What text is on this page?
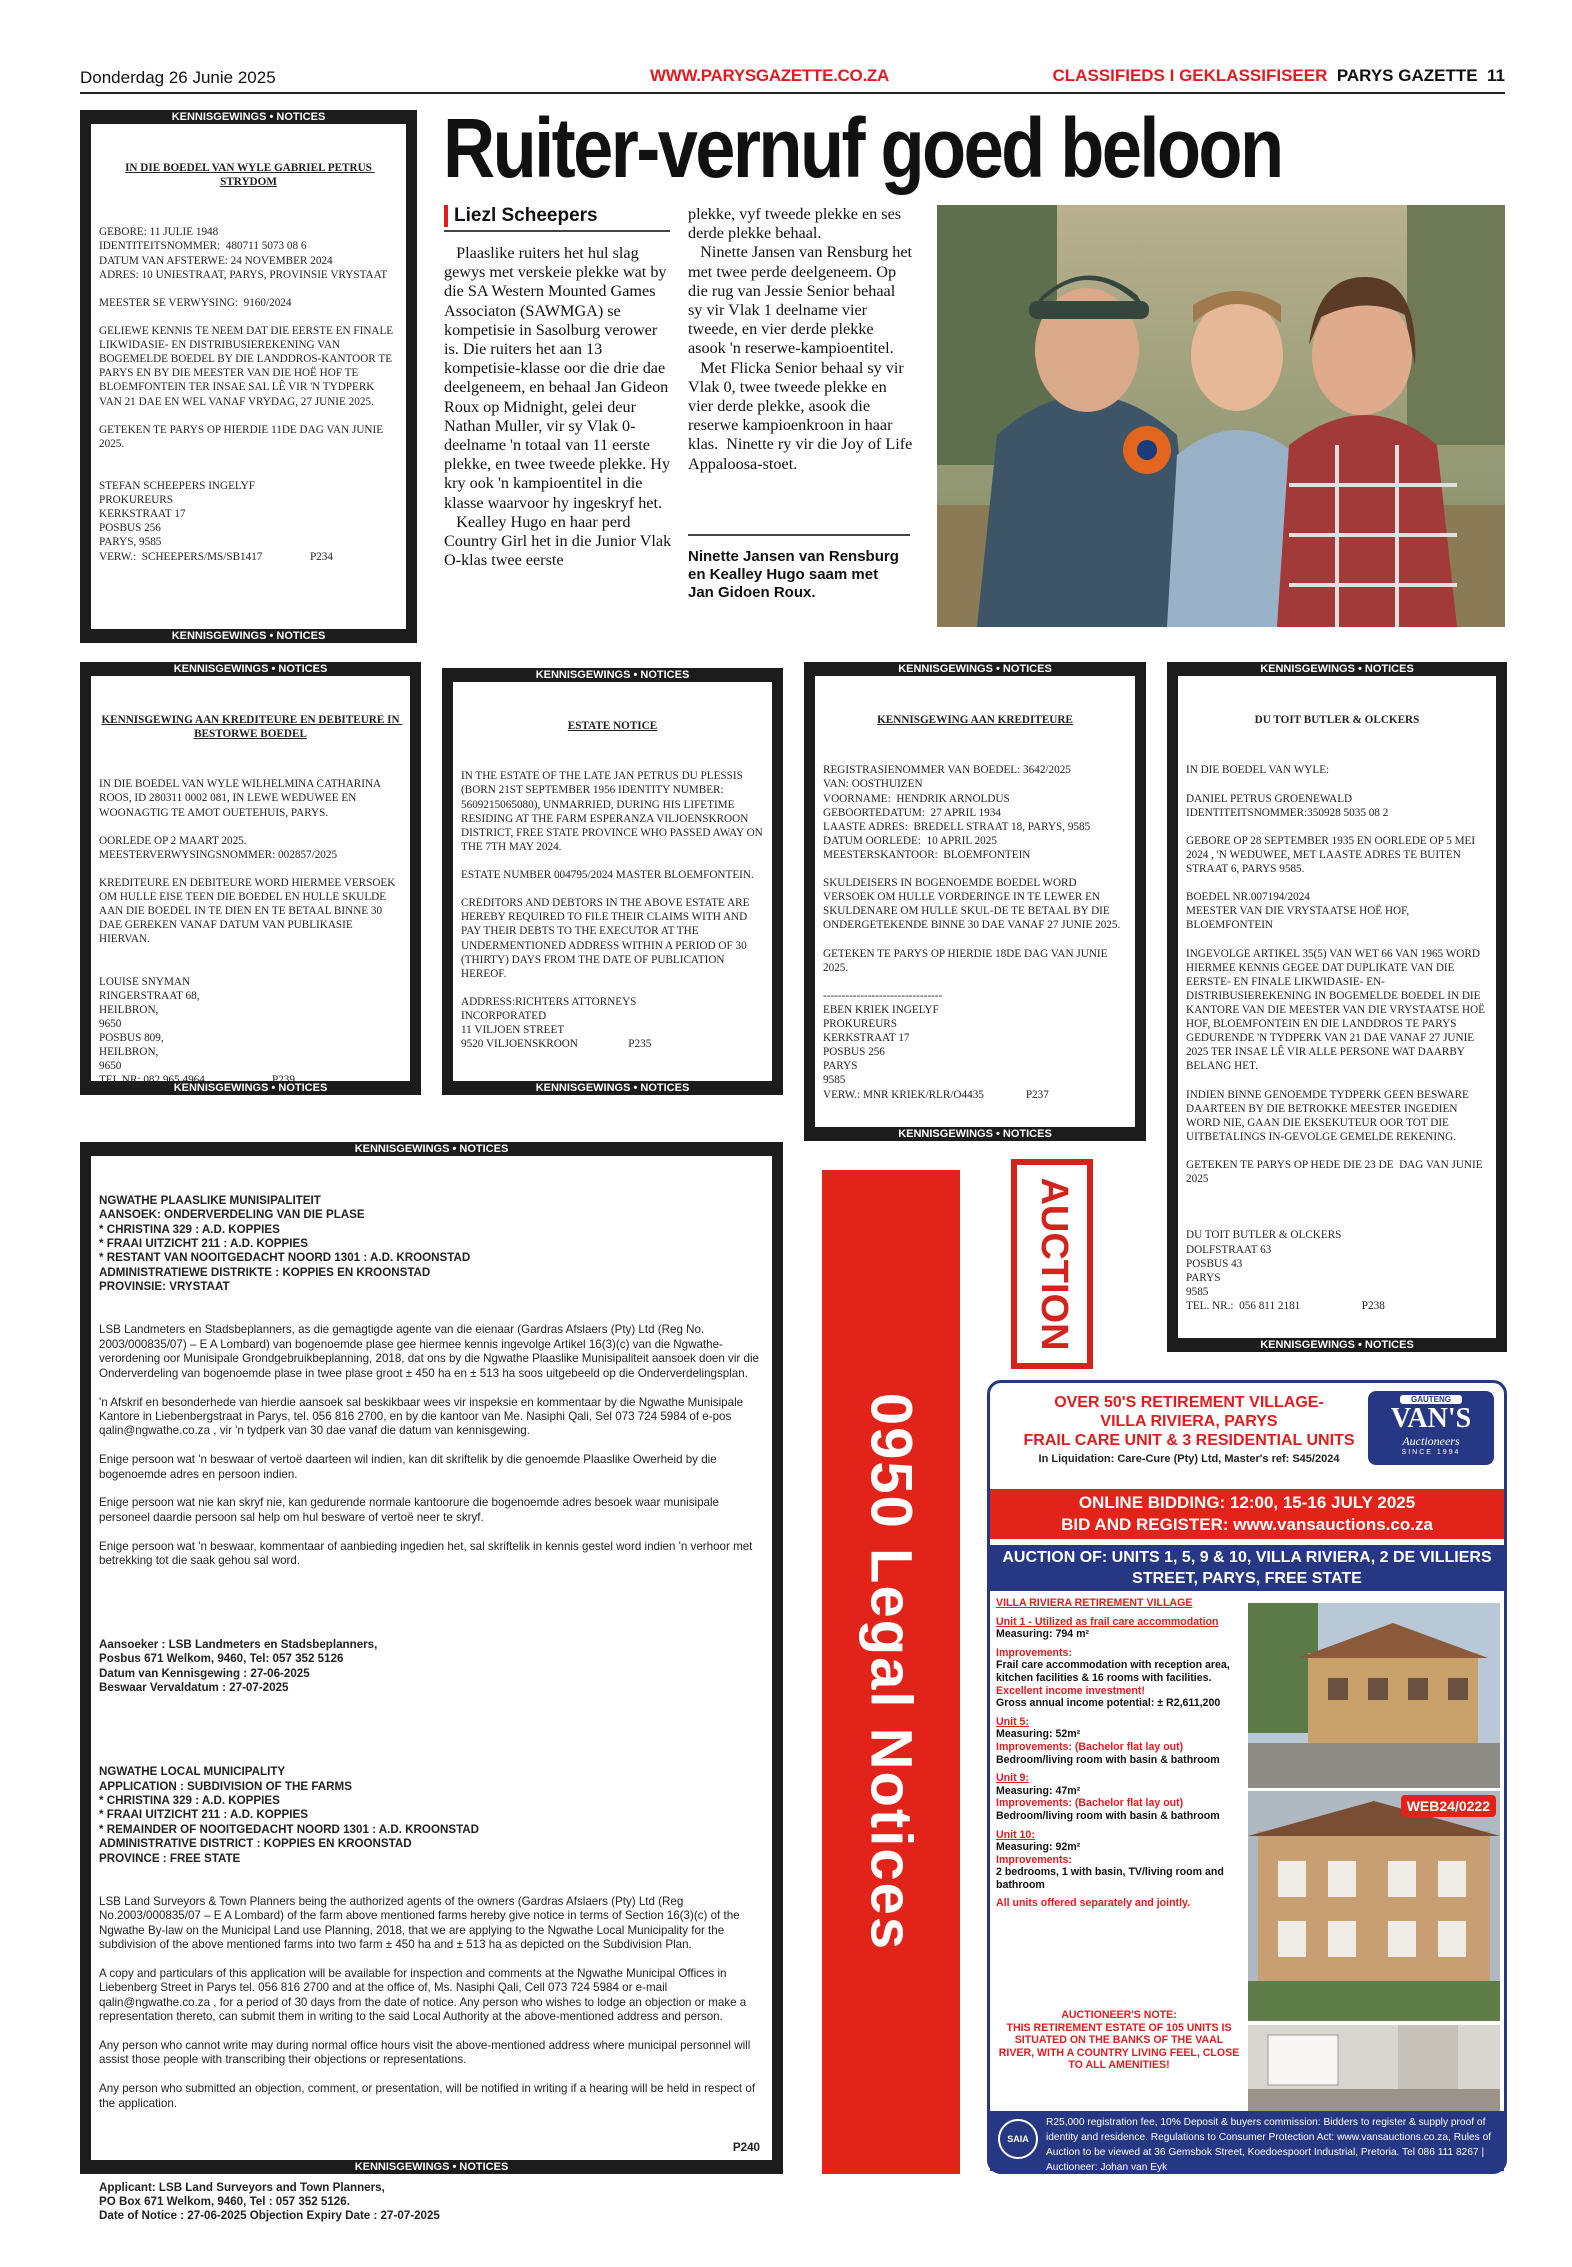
Donderdag 26 Junie 2025	WWW.PARYSGAZETTE.CO.ZA	CLASSIFIEDS I GEKLASSIFISEER PARYS GAZETTE 11
KENNISGEWINGS • NOTICES

IN DIE BOEDEL VAN WYLE GABRIEL PETRUS STRYDOM

GEBORE: 11 JULIE 1948
IDENTITEITSNOMMER:  480711 5073 08 6
DATUM VAN AFSTERWE: 24 NOVEMBER 2024
ADRES: 10 UNIESTRAAT, PARYS, PROVINSIE VRYSTAAT

MEESTER SE VERWYSING:  9160/2024

GELIEWE KENNIS TE NEEM DAT DIE EERSTE EN FINALE LIKWIDASIE- EN DISTRIBUSIEREKENING VAN BOGEMELDE BOEDEL BY DIE LANDDROS-KANTOOR TE PARYS EN BY DIE MEESTER VAN DIE HOË HOF TE BLOEMFONTEIN TER INSAE SAL LÊ VIR 'N TYDPERK VAN 21 DAE EN WEL VANAF VRYDAG, 27 JUNIE 2025.

GETEKEN TE PARYS OP HIERDIE 11DE DAG VAN JUNIE 2025.

STEFAN SCHEEPERS INGELYF
PROKUREURS
KERKSTRAAT 17
POSBUS 256
PARYS, 9585
VERW.:  SCHEEPERS/MS/SB1417                 P234

KENNISGEWINGS • NOTICES
Ruiter-vernuf goed beloon
Liezl Scheepers
Plaaslike ruiters het hul slag gewys met verskeie plekke wat by die SA Western Mounted Games Associaton (SAWMGA) se kompetisie in Sasolburg verower is. Die ruiters het aan 13 kompetisie-klasse oor die drie dae deelgeneem, en behaal Jan Gideon Roux op Midnight, gelei deur Nathan Muller, vir sy Vlak 0-deelname 'n totaal van 11 eerste plekke, en twee tweede plekke. Hy kry ook 'n kampioentitel in die klasse waarvoor hy ingeskryf het.
Kealley Hugo en haar perd Country Girl het in die Junior Vlak O-klas twee eerste
plekke, vyf tweede plekke en ses derde plekke behaal.
Ninette Jansen van Rensburg het met twee perde deelgeneem. Op die rug van Jessie Senior behaal sy vir Vlak 1 deelname vier tweede, en vier derde plekke asook 'n reserwe-kampioentitel.
Met Flicka Senior behaal sy vir Vlak 0, twee tweede plekke en vier derde plekke, asook die reserwe kampioenkroon in haar klas.  Ninette ry vir die Joy of Life Appaloosa-stoet.
Ninette Jansen van Rensburg en Kealley Hugo saam met Jan Gidoen Roux.
KENNISGEWINGS • NOTICES

KENNISGEWING AAN KREDITEURE EN DEBITEURE IN BESTORWE BOEDEL

IN DIE BOEDEL VAN WYLE WILHELMINA CATHARINA ROOS, ID 280311 0002 081, IN LEWE WEDUWEE EN WOONAGTIG TE AMOT OUETEHUIS, PARYS.

OORLEDE OP 2 MAART 2025.
MEESTERVERWYSINGSNOMMER: 002857/2025

KREDITEURE EN DEBITEURE WORD HIERMEE VERSOEK OM HULLE EISE TEEN DIE BOEDEL EN HULLE SKULDE AAN DIE BOEDEL IN TE DIEN EN TE BETAAL BINNE 30 DAE GEREKEN VANAF DATUM VAN PUBLIKASIE HIERVAN.

LOUISE SNYMAN
RINGERSTRAAT 68,
HEILBRON,
9650
POSBUS 809,
HEILBRON,
9650

KENNISGEWINGS • NOTICES
KENNISGEWINGS • NOTICES

ESTATE NOTICE

IN THE ESTATE OF THE LATE JAN PETRUS DU PLESSIS (BORN 21ST SEPTEMBER 1956 IDENTITY NUMBER: 5609215065080), UNMARRIED, DURING HIS LIFETIME RESIDING AT THE FARM ESPERANZA VILJOENSKROON DISTRICT, FREE STATE PROVINCE WHO PASSED AWAY ON THE 7TH MAY 2024.

ESTATE NUMBER 004795/2024 MASTER BLOEMFONTEIN.

CREDITORS AND DEBTORS IN THE ABOVE ESTATE ARE HEREBY REQUIRED TO FILE THEIR CLAIMS WITH AND PAY THEIR DEBTS TO THE EXECUTOR AT THE UNDERMENTIONED ADDRESS WITHIN A PERIOD OF 30 (THIRTY) DAYS FROM THE DATE OF PUBLICATION HEREOF.

ADDRESS:RICHTERS ATTORNEYS
INCORPORATED
11 VILJOEN STREET
9520 VILJOENSKROON                  P235

KENNISGEWINGS • NOTICES
KENNISGEWINGS • NOTICES

KENNISGEWING AAN KREDITEURE

REGISTRASIENOMMER VAN BOEDEL: 3642/2025
VAN: OOSTHUIZEN
VOORNAME:  HENDRIK ARNOLDUS
GEBOORTEDATUM:  27 APRIL 1934
LAASTE ADRES:  BREDELL STRAAT 18, PARYS, 9585
DATUM OORLEDE:  10 APRIL 2025
MEESTERSKANTOOR:  BLOEMFONTEIN

SKULDEISERS IN BOGENOEMDE BOEDEL WORD VERSOEK OM HULLE VORDERINGE IN TE LEWER EN SKULDENARE OM HULLE SKUL-DE TE BETAAL BY DIE ONDERGETEKENDE BINNE 30 DAE VANAF 27 JUNIE 2025.

GETEKEN TE PARYS OP HIERDIE 18DE DAG VAN JUNIE 2025.

--------------------------------
EBEN KRIEK INGELYF
PROKUREURS
KERKSTRAAT 17
POSBUS 256
PARYS
9585
VERW.: MNR KRIEK/RLR/O4435               P237

KENNISGEWINGS • NOTICES
KENNISGEWINGS • NOTICES

DU TOIT BUTLER & OLCKERS

IN DIE BOEDEL VAN WYLE:

DANIEL PETRUS GROENEWALD
IDENTITEITSNOMMER:350928 5035 08 2

GEBORE OP 28 SEPTEMBER 1935 EN OORLEDE OP 5 MEI 2024 , 'N WEDUWEE, MET LAASTE ADRES TE BUITEN STRAAT 6, PARYS 9585.

BOEDEL NR.007194/2024
MEESTER VAN DIE VRYSTAATSE HOË HOF, BLOEMFONTEIN

INGEVOLGE ARTIKEL 35(5) VAN WET 66 VAN 1965 WORD HIERMEE KENNIS GEGEE DAT DUPLIKATE VAN DIE EERSTE- EN FINALE LIKWIDASIE- EN-DISTRIBUSIEREKENING IN BOGEMELDE BOEDEL IN DIE KANTORE VAN DIE MEESTER VAN DIE VRYSTAATSE HOË HOF, BLOEMFONTEIN EN DIE LANDDROS TE PARYS GEDURENDE 'N TYDPERK VAN 21 DAE VANAF 27 JUNIE 2025 TER INSAE LÊ VIR ALLE PERSONE WAT DAARBY BELANG HET.

INDIEN BINNE GENOEMDE TYDPERK GEEN BESWARE DAARTEEN BY DIE BETROKKE MEESTER INGEDIEN WORD NIE, GAAN DIE EKSEKUTEUR OOR TOT DIE UITBETALINGS IN-GEVOLGE GEMELDE REKENING.

GETEKEN TE PARYS OP HEDE DIE 23 DE  DAG VAN JUNIE 2025

DU TOIT BUTLER & OLCKERS
DOLFSTRAAT 63
POSBUS 43
PARYS
9585
TEL. NR.:  056 811 2181                      P238

KENNISGEWINGS • NOTICES
KENNISGEWINGS • NOTICES

NGWATHE PLAASLIKE MUNISIPALITEIT
AANSOEK: ONDERVERDELING VAN DIE PLASE
* CHRISTINA 329 : A.D. KOPPIES
* FRAAI UITZICHT 211 : A.D. KOPPIES
* RESTANT VAN NOOITGEDACHT NOORD 1301 : A.D. KROONSTAD
ADMINISTRATIEWE DISTRIKTE : KOPPIES EN KROONSTAD
PROVINSIE: VRYSTAAT

LSB Landmeters en Stadsbeplanners, as die gemagtigde agente van die eienaar (Gardras Afslaers (Pty) Ltd (Reg No. 2003/000835/07) – E A Lombard) van bogenoemde plase gee hiermee kennis ingevolge Artikel 16(3)(c) van die Ngwathe-verordening oor Munisipale Grondgebruikbeplanning, 2018, dat ons by die Ngwathe Plaaslike Munisipaliteit aansoek doen vir die Onderverdeling van bogenoemde plase in twee plase groot ± 450 ha en ± 513 ha soos uitgebeeld op die Onderverdelingsplan.

'n Afskrif en besonderhede van hierdie aansoek sal beskikbaar wees vir inspeksie en kommentaar by die Ngwathe Munisipale Kantore in Liebenbergstraat in Parys, tel. 056 816 2700, en by die kantoor van Me. Nasiphi Qali, Sel 073 724 5984 of e-pos qalin@ngwathe.co.za , vir 'n tydperk van 30 dae vanaf die datum van kennisgewing.

Enige persoon wat 'n beswaar of vertoë daarteen wil indien, kan dit skriftelik by die genoemde Plaaslike Owerheid by die bogenoemde adres en persoon indien.

Enige persoon wat nie kan skryf nie, kan gedurende normale kantoorure die bogenoemde adres besoek waar munisipale personeel daardie persoon sal help om hul besware of vertoë neer te skryf.

Enige persoon wat 'n beswaar, kommentaar of aanbieding ingedien het, sal skriftelik in kennis gestel word indien 'n verhoor met betrekking tot die saak gehou sal word.

Aansoeker : LSB Landmeters en Stadsbeplanners,
Posbus 671 Welkom, 9460, Tel: 057 352 5126
Datum van Kennisgewing : 27-06-2025
Beswaar Vervaldatum : 27-07-2025

NGWATHE LOCAL MUNICIPALITY
APPLICATION : SUBDIVISION OF THE FARMS
* CHRISTINA 329 : A.D. KOPPIES
* FRAAI UITZICHT 211 : A.D. KOPPIES
* REMAINDER OF NOOITGEDACHT NOORD 1301 : A.D. KROONSTAD
ADMINISTRATIVE DISTRICT : KOPPIES EN KROONSTAD
PROVINCE : FREE STATE

LSB Land Surveyors & Town Planners being the authorized agents of the owners (Gardras Afslaers (Pty) Ltd (Reg No.2003/000835/07 – E A Lombard) of the farm above mentioned farms hereby give notice in terms of Section 16(3)(c) of the Ngwathe By-law on the Municipal Land use Planning, 2018, that we are applying to the Ngwathe Local Municipality for the subdivision of the above mentioned farms into two farm ± 450 ha and ± 513 ha as depicted on the Subdivision Plan.

A copy and particulars of this application will be available for inspection and comments at the Ngwathe Municipal Offices in Liebenberg Street in Parys tel. 056 816 2700 and at the office of, Ms. Nasiphi Qali, Cell 073 724 5984 or e-mail qalin@ngwathe.co.za , for a period of 30 days from the date of notice. Any person who wishes to lodge an objection or make a representation thereto, can submit them in writing to the said Local Authority at the above-mentioned address and person.

Any person who cannot write may during normal office hours visit the above-mentioned address where municipal personnel will assist those people with transcribing their objections or representations.

Any person who submitted an objection, comment, or presentation, will be notified in writing if a hearing will be held in respect of the application.

Applicant: LSB Land Surveyors and Town Planners,
PO Box 671 Welkom, 9460, Tel : 057 352 5126.
Date of Notice : 27-06-2025 Objection Expiry Date : 27-07-2025

P240

KENNISGEWINGS • NOTICES
0950 Legal Notices
AUCTION
OVER 50'S RETIREMENT VILLAGE-
VILLA RIVIERA, PARYS
FRAIL CARE UNIT & 3 RESIDENTIAL UNITS
In Liquidation: Care-Cure (Pty) Ltd, Master's ref: S45/2024
GAUTENG
VAN'S
Auctioneers
SINCE 1994
ONLINE BIDDING: 12:00, 15-16 JULY 2025
BID AND REGISTER: www.vansauctions.co.za
AUCTION OF: UNITS 1, 5, 9 & 10, VILLA RIVIERA, 2 DE VILLIERS STREET, PARYS, FREE STATE

VILLA RIVIERA RETIREMENT VILLAGE

Unit 1 - Utilized as frail care accommodation
Measuring: 794 m²

Improvements:
Frail care accommodation with reception area, kitchen facilities & 16 rooms with facilities.
Excellent income investment!
Gross annual income potential: ± R2,611,200

Unit 5:
Measuring: 52m²
Improvements: (Bachelor flat lay out)
Bedroom/living room with basin & bathroom

Unit 9:
Measuring: 47m²
Improvements: (Bachelor flat lay out)
Bedroom/living room with basin & bathroom

Unit 10:
Measuring: 92m²
Improvements:
2 bedrooms, 1 with basin, TV/living room and bathroom

All units offered separately and jointly.

AUCTIONEER'S NOTE:
THIS RETIREMENT ESTATE OF 105 UNITS IS SITUATED ON THE BANKS OF THE VAAL RIVER, WITH A COUNTRY LIVING FEEL, CLOSE TO ALL AMENITIES!
WEB24/0222
SAIA
R25,000 registration fee, 10% Deposit & buyers commission: Bidders to register & supply proof of identity and residence. Regulations to Consumer Protection Act: www.vansauctions.co.za, Rules of Auction to be viewed at 36 Gemsbok Street, Koedoespoort Industrial, Pretoria. Tel 086 111 8267 | Auctioneer: Johan van Eyk
